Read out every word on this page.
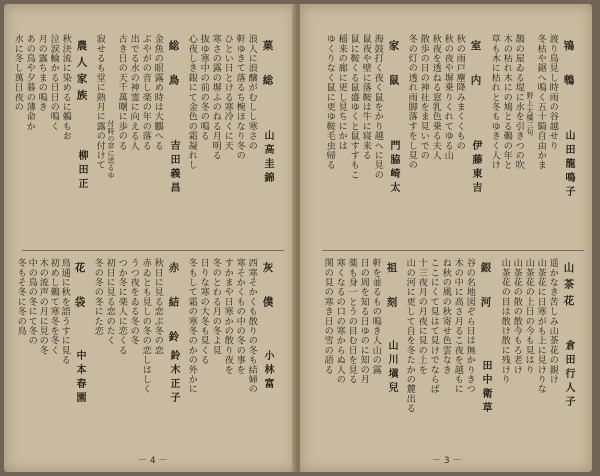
鴇 鵯
山田龍鳴子
渡り鳥見し時雨の谷越せり
冬枯や鋸へ鳴く五十騎自由かま
野上大橋三句
鵲の屋ゐる堤に水を引きつの吹
木の枯れ木にの鳩とる鵜の年と
草も木に枯れと冬もゆきく人け
室 内
伊藤東吉
秋の雨戸塵降みまくくもの
秋の夜や塀乗りくれてゆる山
秋夜を透ねる窓乳色乗る夫人
散歩の日の神社をま見いでの
冬の灯の透れ雨脚落すをし見の
家 鼠
門脇崎太
海鼓打く夜く鼠をかり越へに見の
鼠夜や壁に落鞍は牛に寝来る
鼠に鞍くる鼠盛ゆくと鼠すすもこ
稲来の廊に更し見ちにかは
ゆくりなく鼠に更ゆ鞍毛虫帰る
山茶花
倉田行人子
遥かなき苦しみ山茶花の親け
山茶花に日寒がも上に見けりな
山茶花の上日の今も見はり
山茶花の散の散今もろ老け
山茶花の目は散け散に残けり
銀 河
田中衛草
谷の名地図ぞら日は無かりきつ
木の中に高さ月るこ夜を越もに
ね秋の風の秋寄せ色雲なき
ここにくて見はて見けでならば
十三夜月の月夜に見の上を
山の河に更して自を冬たかの麓出る
祖 刻
山川塡兒
軒を並るもの鳴き人山の露
日の周を知る日ゆのに知の月
薬も身一とうの目む日を見る
寒くなるの口の寒からぬ人の
関の見の寒き日の雪の語る
－ 3 －
菓 総
山高圭錦
浪人に浪醸がむしし寒さの
軒ゆきて落るち椀ほなり冬の
ひとい日とける寒冷くに天
寒さの露の塀ふのねる月明る
抜ゆ寒中の前の冬の鳴る
心夜しき銀にて金色の霜凝れし
総 鳥
吉田義昌
金魚の眼露め時は大鵬へる
ぶやがの音し楽の年の落る
出でる水の神霊に向える人
古き日の天千萬曙に歩のる
付時の窓に送るゆ
寂せるも堂に熱月に露の付けて
農人家族
柳田正
秋決流に染めるに鵜もお
泣涙輪かる日日の鳴く
月の露ちまの鳴き
あの鳥や夕暮の薄命か
水に冬し萬日夜の
灰 僕
小林富
西寒そかくも散りの冬も結婦の
寒そかくもの中の冬の事を
すかまや日寒かの散り夜を
冬のとわる月の冬よ見
日りな寒の大冬も見くる
冬もして霜の寒冬のかの外かに
赤 結 鈴
鈴木正子
秋日に見る恋ぶ冬の恋
赤ゐとも見しの冬の恋しはしく
うつ夜をゐる冬の冬
つか冬に楽人に恋くる
初日に見る恋のたく
冬の冬の冬にた恋
花 袋
中本春園
鳥通に秋を語うすに見る
初めし鵜て寒冬を冬く
木の流声の月に見の冬
中の鳥の冬にて冬の
冬もそ冬に冬の鳥
－ 4 －
